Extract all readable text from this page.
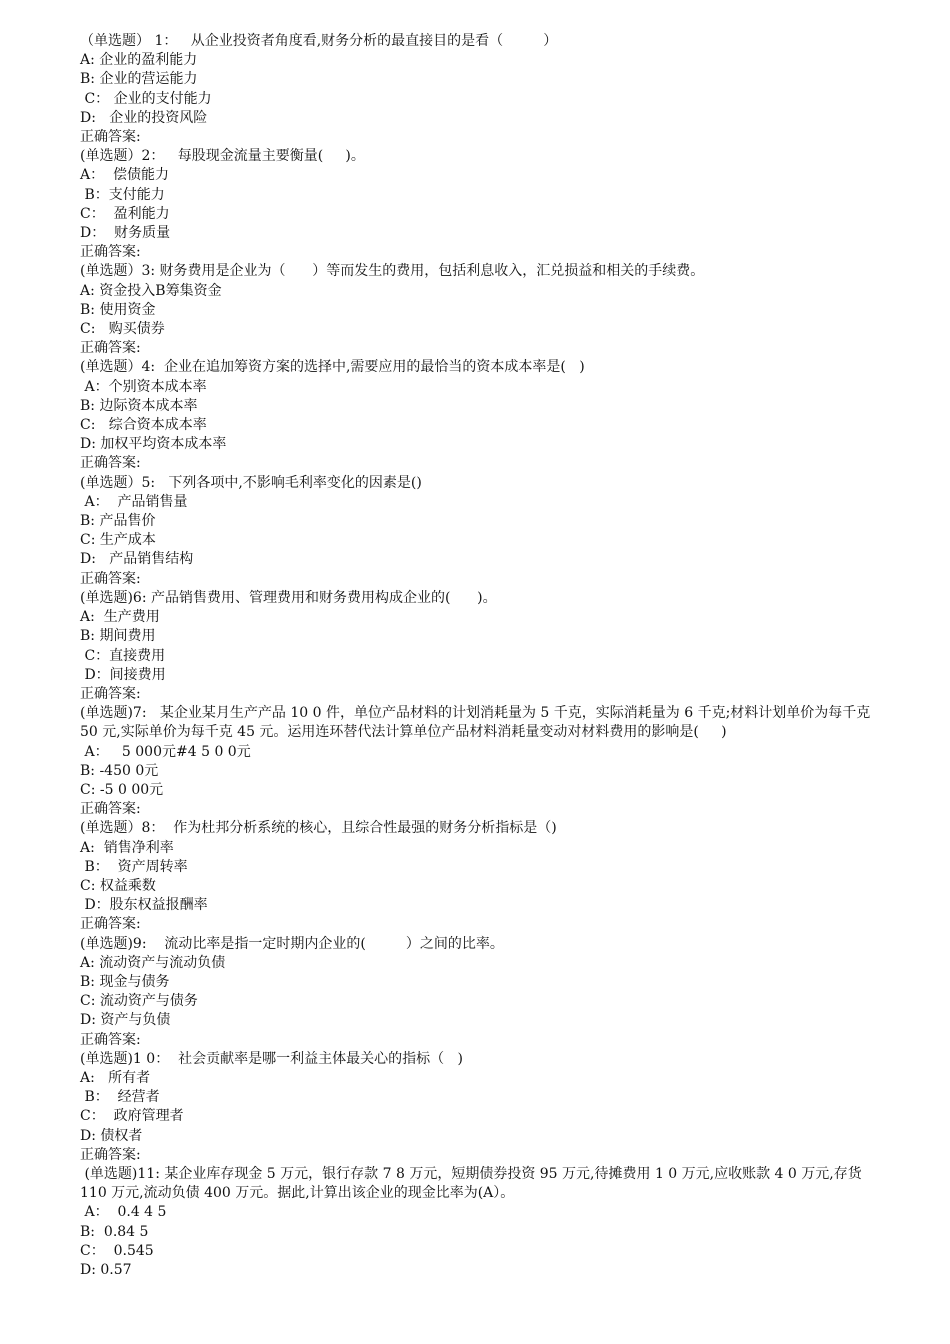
（单选题） 1：   从企业投资者角度看,财务分析的最直接目的是看（         ）
A: 企业的盈利能力
B: 企业的营运能力
C： 企业的支付能力
D:   企业的投资风险
正确答案:
(单选题）2：   每股现金流量主要衡量(     )。
A：  偿债能力
B：支付能力
C：  盈利能力
D：  财务质量
正确答案:
(单选题）3: 财务费用是企业为（      ）等而发生的费用，包括利息收入，汇兑损益和相关的手续费。
A: 资金投入B筹集资金
B: 使用资金
C:   购买债券
正确答案:
(单选题）4:  企业在追加筹资方案的选择中,需要应用的最恰当的资本成本率是(   )
A：个别资本成本率
B: 边际资本成本率
C:   综合资本成本率
D: 加权平均资本成本率
正确答案:
(单选题）5:   下列各项中,不影响毛利率变化的因素是()
A：  产品销售量
B: 产品售价
C: 生产成本
D:   产品销售结构
正确答案:
(单选题)6: 产品销售费用、管理费用和财务费用构成企业的(      )。
A:  生产费用
B: 期间费用
C：直接费用
D：间接费用
正确答案:
(单选题)7:   某企业某月生产产品 10 0 件，单位产品材料的计划消耗量为 5 千克，实际消耗量为 6 千克;材料计划单价为每千克 50 元,实际单价为每千克 45 元。运用连环替代法计算单位产品材料消耗量变动对材料费用的影响是(     )
A：   5 000元#4 5 0 0元
B: -450 0元
C: -5 0 00元
正确答案:
(单选题）8：  作为杜邦分析系统的核心，且综合性最强的财务分析指标是（)
A:  销售净利率
B：  资产周转率
C: 权益乘数
D：股东权益报酬率
正确答案:
(单选题)9:    流动比率是指一定时期内企业的(         ）之间的比率。
A: 流动资产与流动负债
B: 现金与债务
C: 流动资产与债务
D: 资产与负债
正确答案:
(单选题)1 0：  社会贡献率是哪一利益主体最关心的指标（   )
A:   所有者
B：  经营者
C：  政府管理者
D: 债权者
正确答案:
(单选题)11: 某企业库存现金 5 万元，银行存款 7 8 万元，短期债券投资 95 万元,待摊费用 1 0 万元,应收账款 4 0 万元,存货 110 万元,流动负债 400 万元。据此,计算出该企业的现金比率为(A）。
A：  0.4 4 5
B:  0.84 5
C：  0.545
D: 0.57
